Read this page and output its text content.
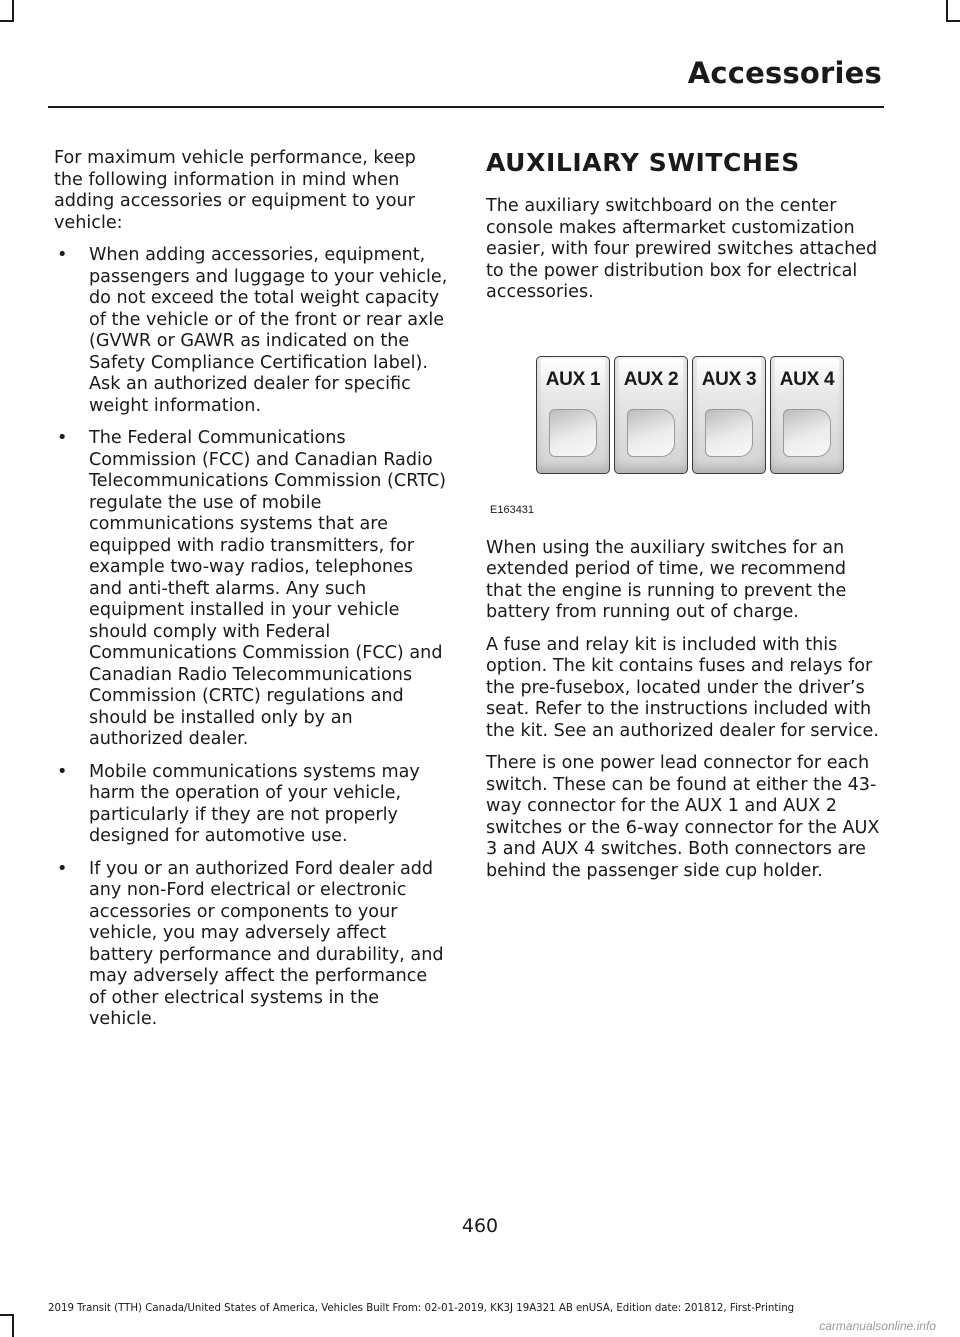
Accessories

For maximum vehicle performance, keep the following information in mind when adding accessories or equipment to your vehicle:

• When adding accessories, equipment, passengers and luggage to your vehicle, do not exceed the total weight capacity of the vehicle or of the front or rear axle (GVWR or GAWR as indicated on the Safety Compliance Certification label). Ask an authorized dealer for specific weight information.
• The Federal Communications Commission (FCC) and Canadian Radio Telecommunications Commission (CRTC) regulate the use of mobile communications systems that are equipped with radio transmitters, for example two-way radios, telephones and anti-theft alarms. Any such equipment installed in your vehicle should comply with Federal Communications Commission (FCC) and Canadian Radio Telecommunications Commission (CRTC) regulations and should be installed only by an authorized dealer.
• Mobile communications systems may harm the operation of your vehicle, particularly if they are not properly designed for automotive use.
• If you or an authorized Ford dealer add any non-Ford electrical or electronic accessories or components to your vehicle, you may adversely affect battery performance and durability, and may adversely affect the performance of other electrical systems in the vehicle.
AUXILIARY SWITCHES

The auxiliary switchboard on the center console makes aftermarket customization easier, with four prewired switches attached to the power distribution box for electrical accessories.

AUX 1	AUX 2	AUX 3	AUX 4
E163431

When using the auxiliary switches for an extended period of time, we recommend that the engine is running to prevent the battery from running out of charge.

A fuse and relay kit is included with this option. The kit contains fuses and relays for the pre-fusebox, located under the driver’s seat. Refer to the instructions included with the kit. See an authorized dealer for service.

There is one power lead connector for each switch. These can be found at either the 43-way connector for the AUX 1 and AUX 2 switches or the 6-way connector for the AUX 3 and AUX 4 switches. Both connectors are behind the passenger side cup holder.

460
2019 Transit (TTH) Canada/United States of America, Vehicles Built From: 02-01-2019, KK3J 19A321 AB enUSA, Edition date: 201812, First-Printing
carmanualsonline.info
